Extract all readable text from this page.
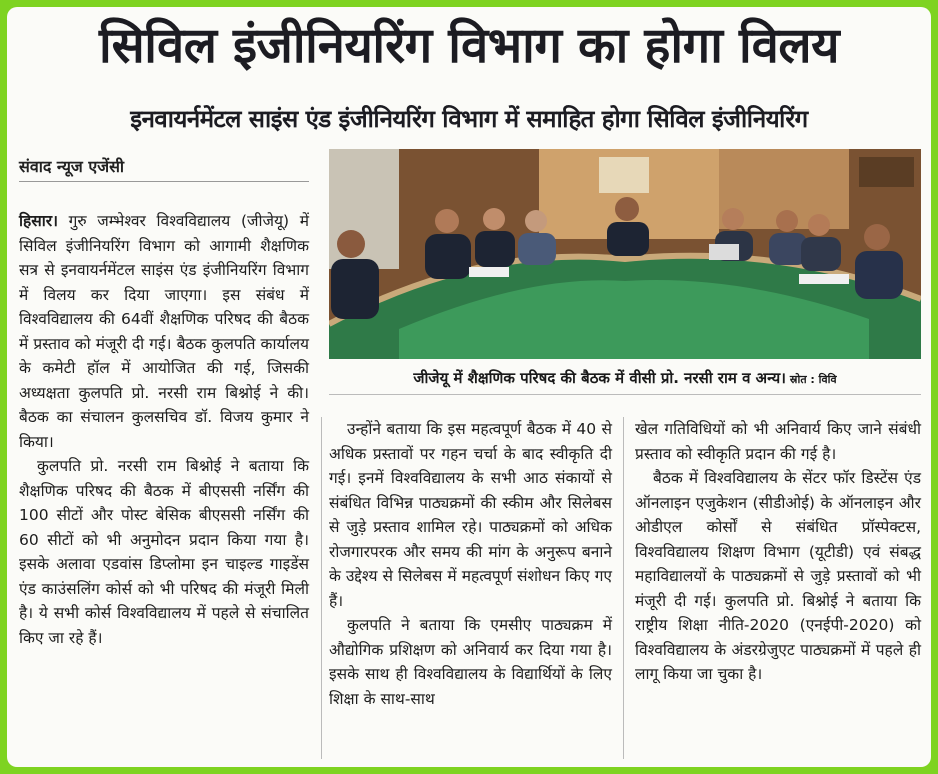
सिविल इंजीनियरिंग विभाग का होगा विलय
इनवायर्नमेंटल साइंस एंड इंजीनियरिंग विभाग में समाहित होगा सिविल इंजीनियरिंग
संवाद न्यूज एजेंसी

हिसार। गुरु जम्भेश्वर विश्वविद्यालय (जीजेयू) में सिविल इंजीनियरिंग विभाग को आगामी शैक्षणिक सत्र से इनवायर्नमेंटल साइंस एंड इंजीनियरिंग विभाग में विलय कर दिया जाएगा। इस संबंध में विश्वविद्यालय की 64वीं शैक्षणिक परिषद की बैठक में प्रस्ताव को मंजूरी दी गई। बैठक कुलपति कार्यालय के कमेटी हॉल में आयोजित की गई, जिसकी अध्यक्षता कुलपति प्रो. नरसी राम बिश्नोई ने की। बैठक का संचालन कुलसचिव डॉ. विजय कुमार ने किया।

कुलपति प्रो. नरसी राम बिश्नोई ने बताया कि शैक्षणिक परिषद की बैठक में बीएससी नर्सिंग की 100 सीटों और पोस्ट बेसिक बीएससी नर्सिंग की 60 सीटों को भी अनुमोदन प्रदान किया गया है। इसके अलावा एडवांस डिप्लोमा इन चाइल्ड गाइडेंस एंड काउंसलिंग कोर्स को भी परिषद की मंजूरी मिली है। ये सभी कोर्स विश्वविद्यालय में पहले से संचालित किए जा रहे हैं।

जीजेयू में शैक्षणिक परिषद की बैठक में वीसी प्रो. नरसी राम व अन्य। स्रोत : विवि

उन्होंने बताया कि इस महत्वपूर्ण बैठक में 40 से अधिक प्रस्तावों पर गहन चर्चा के बाद स्वीकृति दी गई। इनमें विश्वविद्यालय के सभी आठ संकायों से संबंधित विभिन्न पाठ्यक्रमों की स्कीम और सिलेबस से जुड़े प्रस्ताव शामिल रहे। पाठ्यक्रमों को अधिक रोजगारपरक और समय की मांग के अनुरूप बनाने के उद्देश्य से सिलेबस में महत्वपूर्ण संशोधन किए गए हैं।

कुलपति ने बताया कि एमसीए पाठ्यक्रम में औद्योगिक प्रशिक्षण को अनिवार्य कर दिया गया है। इसके साथ ही विश्वविद्यालय के विद्यार्थियों के लिए शिक्षा के साथ-साथ

खेल गतिविधियों को भी अनिवार्य किए जाने संबंधी प्रस्ताव को स्वीकृति प्रदान की गई है।

बैठक में विश्वविद्यालय के सेंटर फॉर डिस्टेंस एंड ऑनलाइन एजुकेशन (सीडीओई) के ऑनलाइन और ओडीएल कोर्सों से संबंधित प्रॉस्पेक्टस, विश्वविद्यालय शिक्षण विभाग (यूटीडी) एवं संबद्ध महाविद्यालयों के पाठ्यक्रमों से जुड़े प्रस्तावों को भी मंजूरी दी गई। कुलपति प्रो. बिश्नोई ने बताया कि राष्ट्रीय शिक्षा नीति-2020 (एनईपी-2020) को विश्वविद्यालय के अंडरग्रेजुएट पाठ्यक्रमों में पहले ही लागू किया जा चुका है।
